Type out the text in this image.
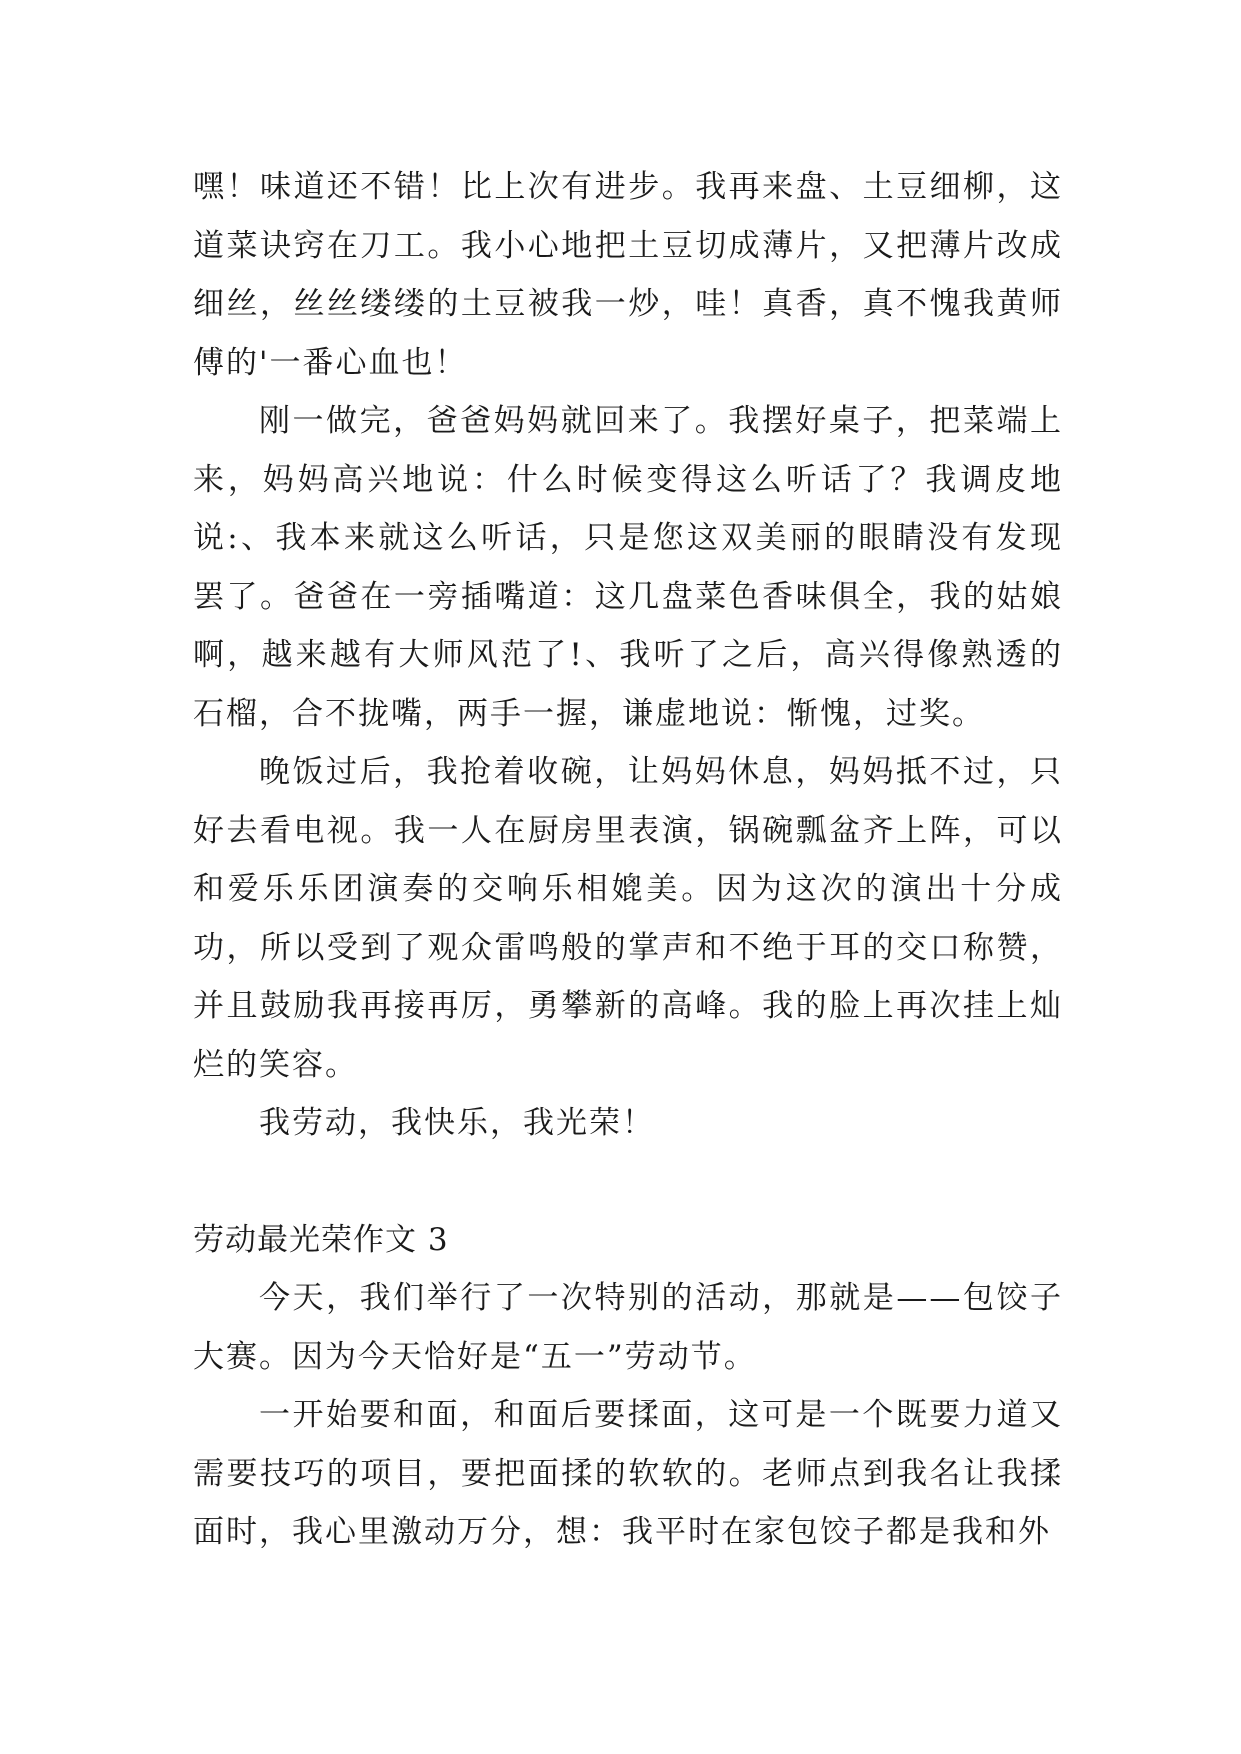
嘿！味道还不错！比上次有进步。我再来盘、土豆细柳，这道菜诀窍在刀工。我小心地把土豆切成薄片，又把薄片改成细丝，丝丝缕缕的土豆被我一炒，哇！真香，真不愧我黄师傅的'一番心血也！

刚一做完，爸爸妈妈就回来了。我摆好桌子，把菜端上来，妈妈高兴地说：什么时候变得这么听话了？我调皮地说:、我本来就这么听话，只是您这双美丽的眼睛没有发现罢了。爸爸在一旁插嘴道：这几盘菜色香味俱全，我的姑娘啊，越来越有大师风范了!、我听了之后，高兴得像熟透的石榴，合不拢嘴，两手一握，谦虚地说：惭愧，过奖。

晚饭过后，我抢着收碗，让妈妈休息，妈妈抵不过，只好去看电视。我一人在厨房里表演，锅碗瓢盆齐上阵，可以和爱乐乐团演奏的交响乐相媲美。因为这次的演出十分成功，所以受到了观众雷鸣般的掌声和不绝于耳的交口称赞，并且鼓励我再接再厉，勇攀新的高峰。我的脸上再次挂上灿烂的笑容。

我劳动，我快乐，我光荣！

劳动最光荣作文 3

今天，我们举行了一次特别的活动，那就是——包饺子大赛。因为今天恰好是“五一”劳动节。

一开始要和面，和面后要揉面，这可是一个既要力道又需要技巧的项目，要把面揉的软软的。老师点到我名让我揉面时，我心里激动万分，想：我平时在家包饺子都是我和外
